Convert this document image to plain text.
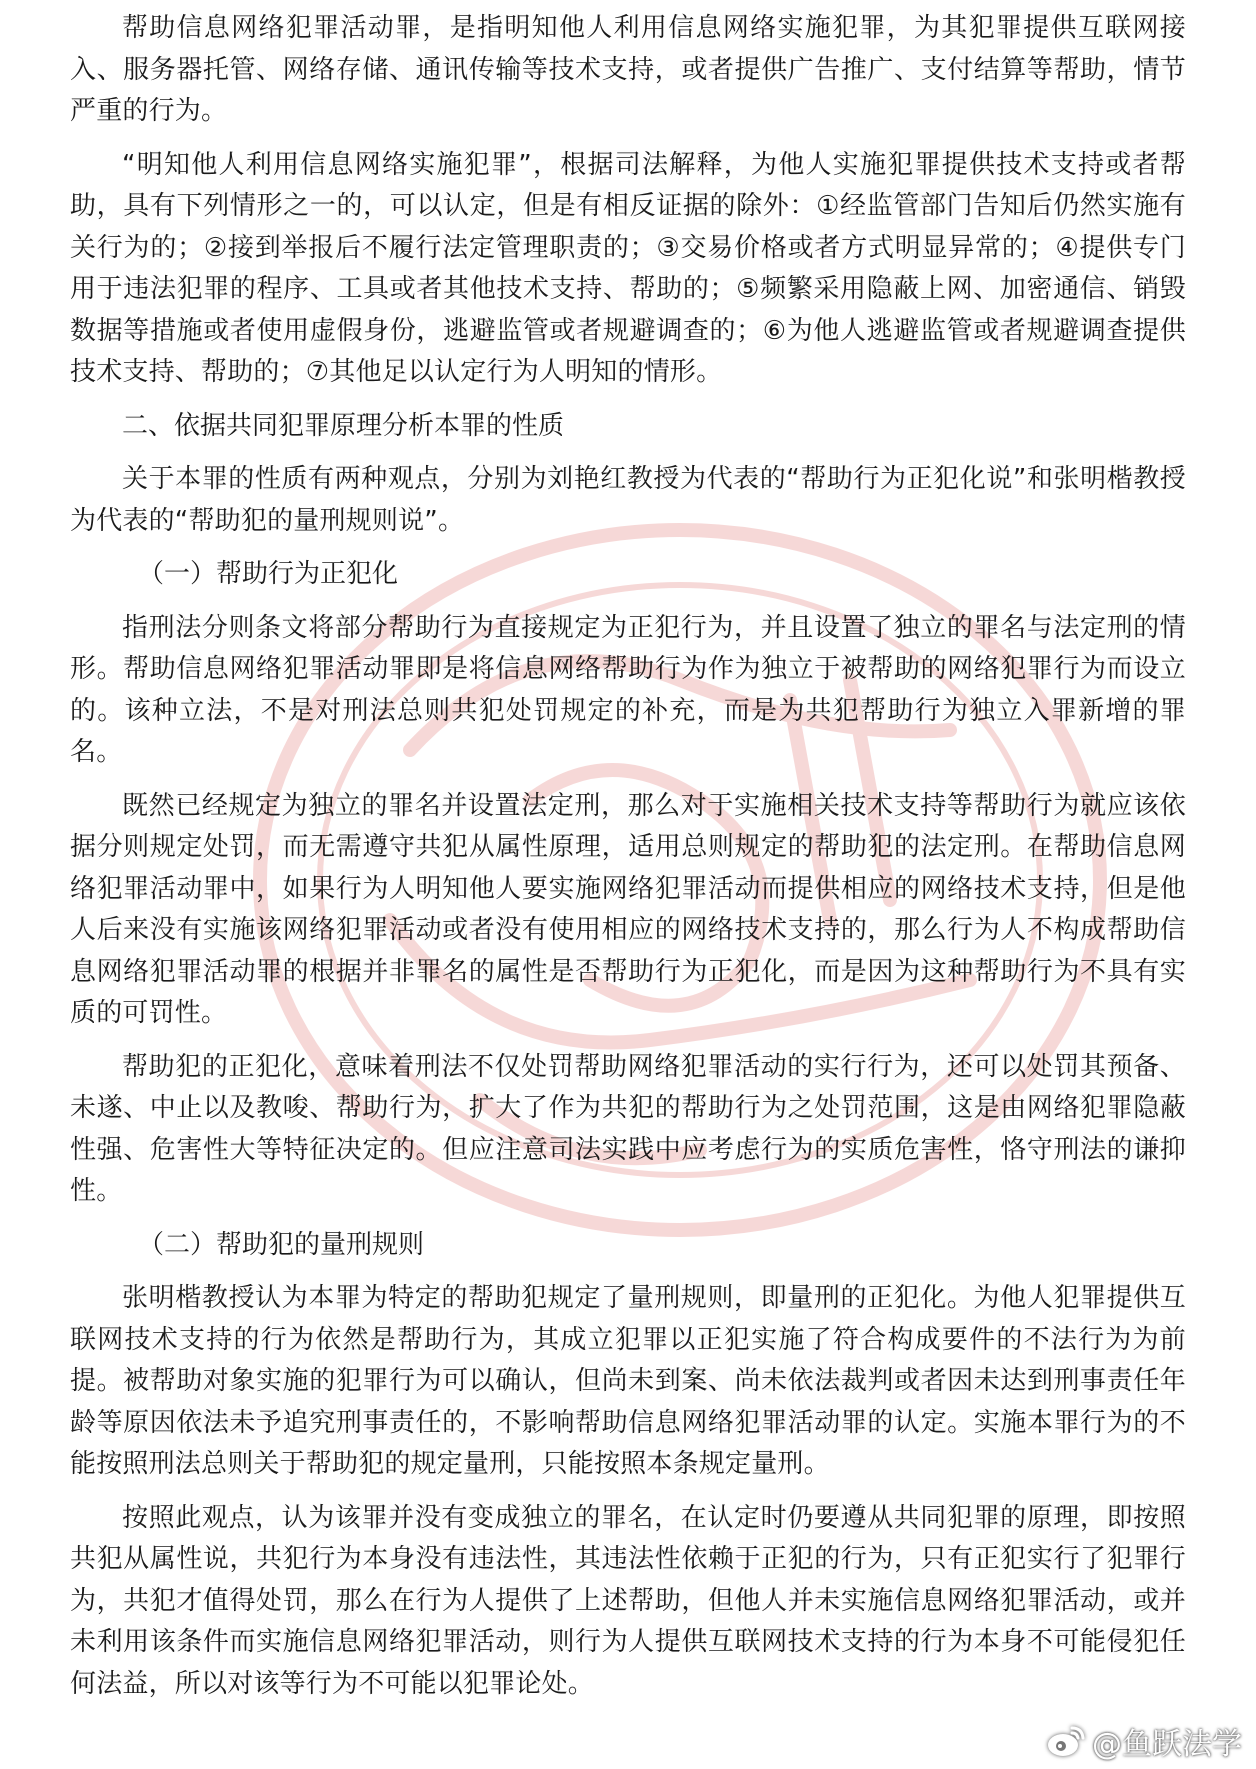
帮助信息网络犯罪活动罪，是指明知他人利用信息网络实施犯罪，为其犯罪提供互联网接入、服务器托管、网络存储、通讯传输等技术支持，或者提供广告推广、支付结算等帮助，情节严重的行为。

“明知他人利用信息网络实施犯罪”，根据司法解释，为他人实施犯罪提供技术支持或者帮助，具有下列情形之一的，可以认定，但是有相反证据的除外：①经监管部门告知后仍然实施有关行为的；②接到举报后不履行法定管理职责的；③交易价格或者方式明显异常的；④提供专门用于违法犯罪的程序、工具或者其他技术支持、帮助的；⑤频繁采用隐蔽上网、加密通信、销毁数据等措施或者使用虚假身份，逃避监管或者规避调查的；⑥为他人逃避监管或者规避调查提供技术支持、帮助的；⑦其他足以认定行为人明知的情形。

二、依据共同犯罪原理分析本罪的性质

关于本罪的性质有两种观点，分别为刘艳红教授为代表的“帮助行为正犯化说”和张明楷教授为代表的“帮助犯的量刑规则说”。

（一）帮助行为正犯化

指刑法分则条文将部分帮助行为直接规定为正犯行为，并且设置了独立的罪名与法定刑的情形。帮助信息网络犯罪活动罪即是将信息网络帮助行为作为独立于被帮助的网络犯罪行为而设立的。该种立法，不是对刑法总则共犯处罚规定的补充，而是为共犯帮助行为独立入罪新增的罪名。

既然已经规定为独立的罪名并设置法定刑，那么对于实施相关技术支持等帮助行为就应该依据分则规定处罚，而无需遵守共犯从属性原理，适用总则规定的帮助犯的法定刑。在帮助信息网络犯罪活动罪中，如果行为人明知他人要实施网络犯罪活动而提供相应的网络技术支持，但是他人后来没有实施该网络犯罪活动或者没有使用相应的网络技术支持的，那么行为人不构成帮助信息网络犯罪活动罪的根据并非罪名的属性是否帮助行为正犯化，而是因为这种帮助行为不具有实质的可罚性。

帮助犯的正犯化，意味着刑法不仅处罚帮助网络犯罪活动的实行行为，还可以处罚其预备、未遂、中止以及教唆、帮助行为，扩大了作为共犯的帮助行为之处罚范围，这是由网络犯罪隐蔽性强、危害性大等特征决定的。但应注意司法实践中应考虑行为的实质危害性，恪守刑法的谦抑性。

（二）帮助犯的量刑规则

张明楷教授认为本罪为特定的帮助犯规定了量刑规则，即量刑的正犯化。为他人犯罪提供互联网技术支持的行为依然是帮助行为，其成立犯罪以正犯实施了符合构成要件的不法行为为前提。被帮助对象实施的犯罪行为可以确认，但尚未到案、尚未依法裁判或者因未达到刑事责任年龄等原因依法未予追究刑事责任的，不影响帮助信息网络犯罪活动罪的认定。实施本罪行为的不能按照刑法总则关于帮助犯的规定量刑，只能按照本条规定量刑。

按照此观点，认为该罪并没有变成独立的罪名，在认定时仍要遵从共同犯罪的原理，即按照共犯从属性说，共犯行为本身没有违法性，其违法性依赖于正犯的行为，只有正犯实行了犯罪行为，共犯才值得处罚，那么在行为人提供了上述帮助，但他人并未实施信息网络犯罪活动，或并未利用该条件而实施信息网络犯罪活动，则行为人提供互联网技术支持的行为本身不可能侵犯任何法益，所以对该等行为不可能以犯罪论处。

@鱼跃法学
